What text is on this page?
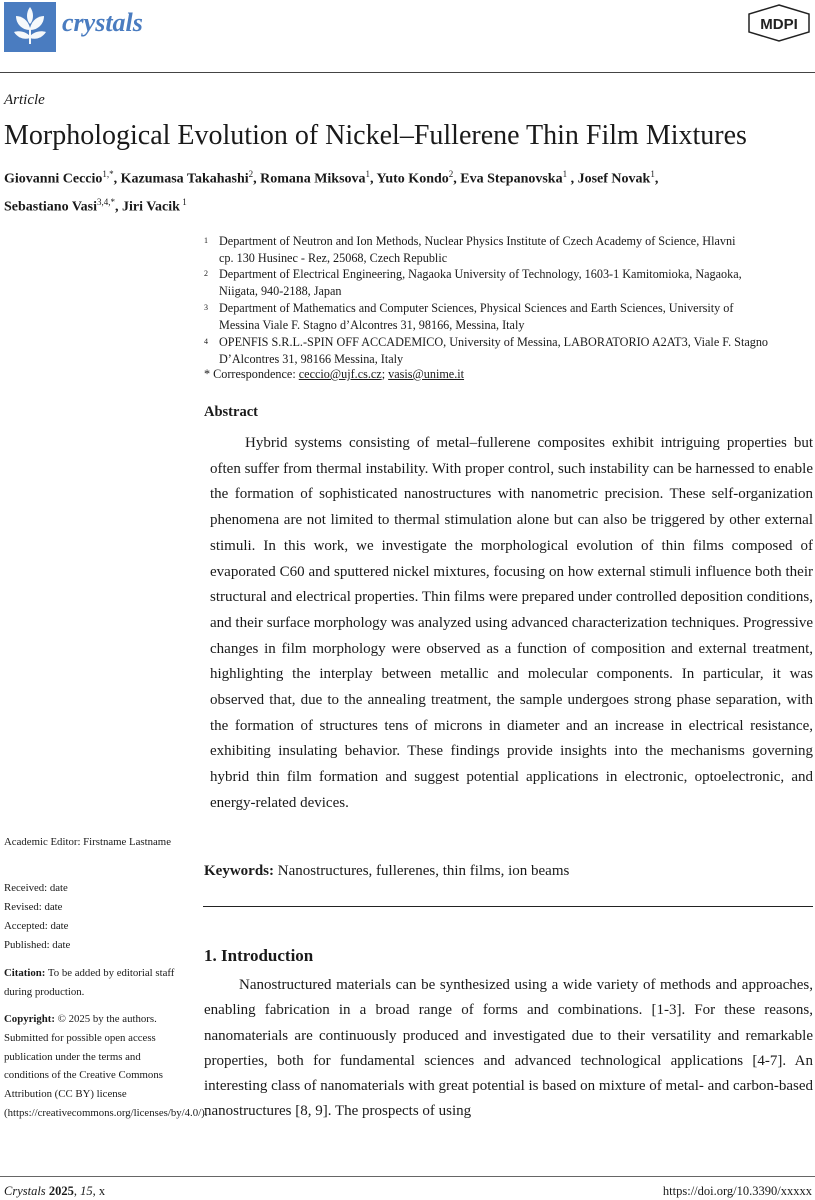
crystals	MDPI
Article
Morphological Evolution of Nickel–Fullerene Thin Film Mixtures
Giovanni Ceccio$^{1,*}$, Kazumasa Takahashi$^2$, Romana Miksova$^1$, Yuto Kondo$^2$, Eva Stepanovska$^1$ , Josef Novak$^1$,
Sebastiano Vasi$^{3,4,*}$, Jiri Vacik $^1$
1 Department of Neutron and Ion Methods, Nuclear Physics Institute of Czech Academy of Science, Hlavni
cp. 130 Husinec - Rez, 25068, Czech Republic
2 Department of Electrical Engineering, Nagaoka University of Technology, 1603-1 Kamitomioka, Nagaoka,
Niigata, 940-2188, Japan
3 Department of Mathematics and Computer Sciences, Physical Sciences and Earth Sciences, University of
Messina Viale F. Stagno d’Alcontres 31, 98166, Messina, Italy
4 OPENFIS S.R.L.-SPIN OFF ACCADEMICO, University of Messina, LABORATORIO A2AT3, Viale F. Stagno
D’Alcontres 31, 98166 Messina, Italy
* Correspondence: ceccio@ujf.cs.cz; vasis@unime.it
Abstract
Hybrid systems consisting of metal–fullerene composites exhibit intriguing properties but often suffer from thermal instability. With proper control, such instability can be harnessed to enable the formation of sophisticated nanostructures with nanometric precision. These self-organization phenomena are not limited to thermal stimulation alone but can also be triggered by other external stimuli. In this work, we investigate the morphological evolution of thin films composed of evaporated C60 and sputtered nickel mixtures, focusing on how external stimuli influence both their structural and electrical properties. Thin films were prepared under controlled deposition conditions, and their surface morphology was analyzed using advanced characterization techniques. Progressive changes in film morphology were observed as a function of composition and external treatment, highlighting the interplay between metallic and molecular components. In particular, it was observed that, due to the annealing treatment, the sample undergoes strong phase separation, with the formation of structures tens of microns in diameter and an increase in electrical resistance, exhibiting insulating behavior. These findings provide insights into the mechanisms governing hybrid thin film formation and suggest potential applications in electronic, optoelectronic, and energy-related devices.
Keywords: Nanostructures, fullerenes, thin films, ion beams
1. Introduction
Nanostructured materials can be synthesized using a wide variety of methods and approaches, enabling fabrication in a broad range of forms and combinations. [1-3]. For these reasons, nanomaterials are continuously produced and investigated due to their versatility and remarkable properties, both for fundamental sciences and advanced technological applications [4-7]. An interesting class of nanomaterials with great potential is based on mixture of metal- and carbon-based nanostructures [8, 9]. The prospects of using
Academic Editor: Firstname Lastname
Received: date
Revised: date
Accepted: date
Published: date
Citation: To be added by editorial staff during production.
Copyright: © 2025 by the authors. Submitted for possible open access publication under the terms and conditions of the Creative Commons Attribution (CC BY) license (https://creativecommons.org/licenses/by/4.0/).
Crystals 2025, 15, x	https://doi.org/10.3390/xxxxx
